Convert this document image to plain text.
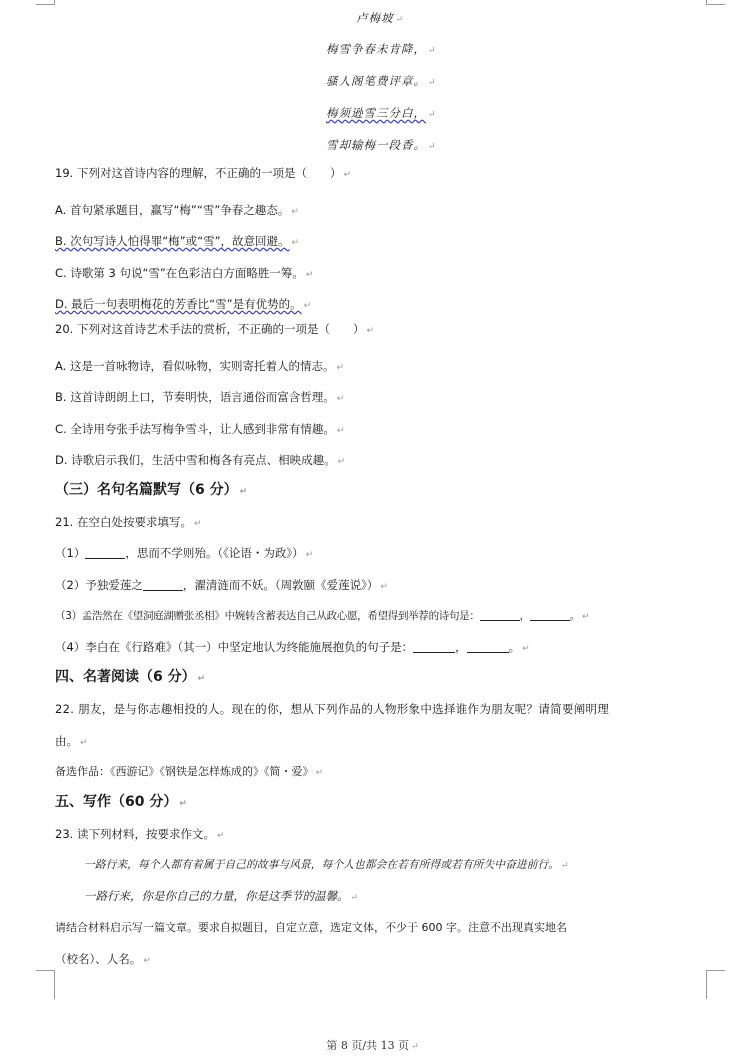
卢梅坡 ↵
梅雪争春未肯降， ↵
骚人阁笔费评章。 ↵
梅须逊雪三分白， ↵
雪却输梅一段香。 ↵
19. 下列对这首诗内容的理解，不正确的一项是（　　） ↵
A. 首句紧承题目，赢写“梅”“雪”争春之趣态。 ↵
B. 次句写诗人怕得罪“梅”或“雪”，故意回避。 ↵
C. 诗歌第 3 句说“雪”在色彩洁白方面略胜一筹。 ↵
D. 最后一句表明梅花的芳香比“雪”是有优势的。 ↵
20. 下列对这首诗艺术手法的赏析，不正确的一项是（　　） ↵
A. 这是一首咏物诗，看似咏物，实则寄托着人的情志。 ↵
B. 这首诗朗朗上口，节奏明快，语言通俗而富含哲理。 ↵
C. 全诗用夸张手法写梅争雪斗，让人感到非常有情趣。 ↵
D. 诗歌启示我们，生活中雪和梅各有亮点、相映成趣。 ↵
（三）名句名篇默写（6 分） ↵
21. 在空白处按要求填写。 ↵
（1）	，思而不学则殆。（《论语・为政》） ↵
（2）予独爱莲之	，濯清涟而不妖。（周敦颐《爱莲说》） ↵
（3）孟浩然在《望洞庭湖赠张丞相》中婉转含蓄表达自己从政心愿，希望得到举荐的诗句是：	，	。 ↵
（4）李白在《行路难》（其一）中坚定地认为终能施展抱负的句子是：	，	。 ↵
四、名著阅读（6 分） ↵
22. 朋友，是与你志趣相投的人。现在的你，想从下列作品的人物形象中选择谁作为朋友呢？请简要阐明理
由。 ↵
备选作品：《西游记》《钢铁是怎样炼成的》《简・爱》 ↵
五、写作（60 分） ↵
23. 读下列材料，按要求作文。 ↵
一路行来，每个人都有着属于自己的故事与风景，每个人也都会在若有所得或若有所失中奋进前行。 ↵
一路行来，你是你自己的力量，你是这季节的温馨。 ↵
请结合材料启示写一篇文章。要求自拟题目，自定立意，选定文体，不少于 600 字。注意不出现真实地名
（校名）、人名。 ↵
第 8 页/共 13 页 ↵
